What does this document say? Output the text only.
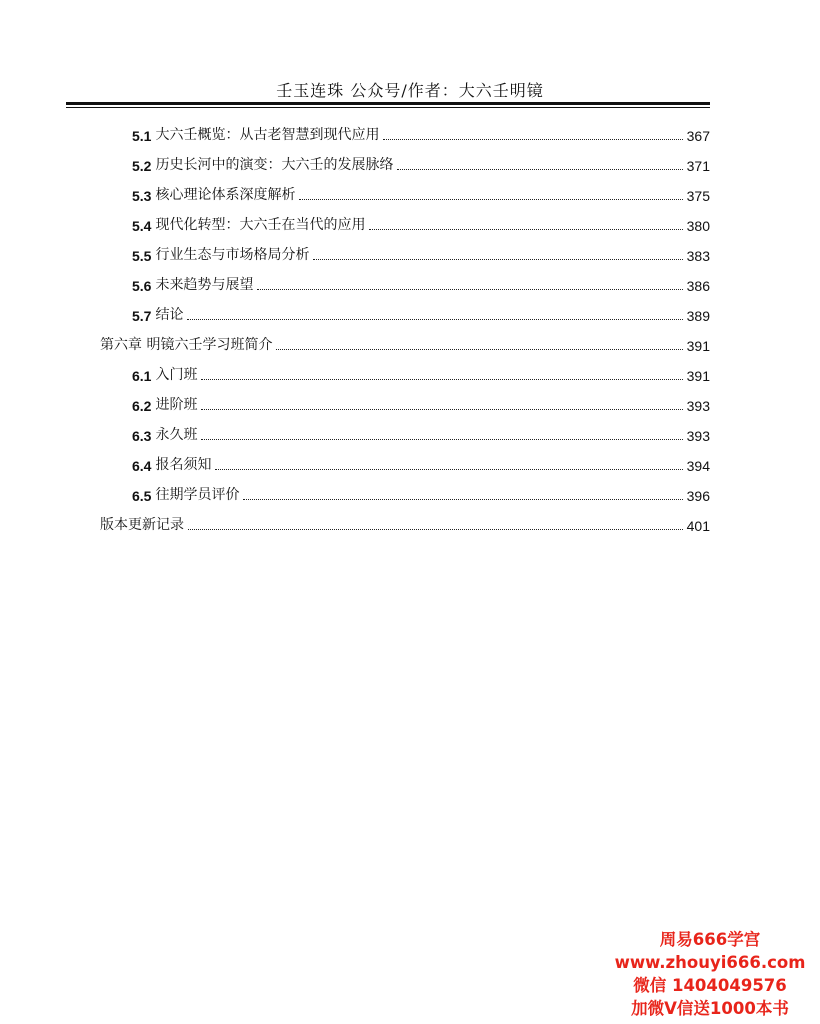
壬玉连珠 公众号/作者：大六壬明镜
5.1 大六壬概览：从古老智慧到现代应用	367
5.2 历史长河中的演变：大六壬的发展脉络	371
5.3 核心理论体系深度解析	375
5.4 现代化转型：大六壬在当代的应用	380
5.5 行业生态与市场格局分析	383
5.6 未来趋势与展望	386
5.7 结论	389
第六章 明镜六壬学习班简介	391
6.1 入门班	391
6.2 进阶班	393
6.3 永久班	393
6.4 报名须知	394
6.5 往期学员评价	396
版本更新记录	401
周易666学宫
www.zhouyi666.com
微信 1404049576
加微V信送1000本书
